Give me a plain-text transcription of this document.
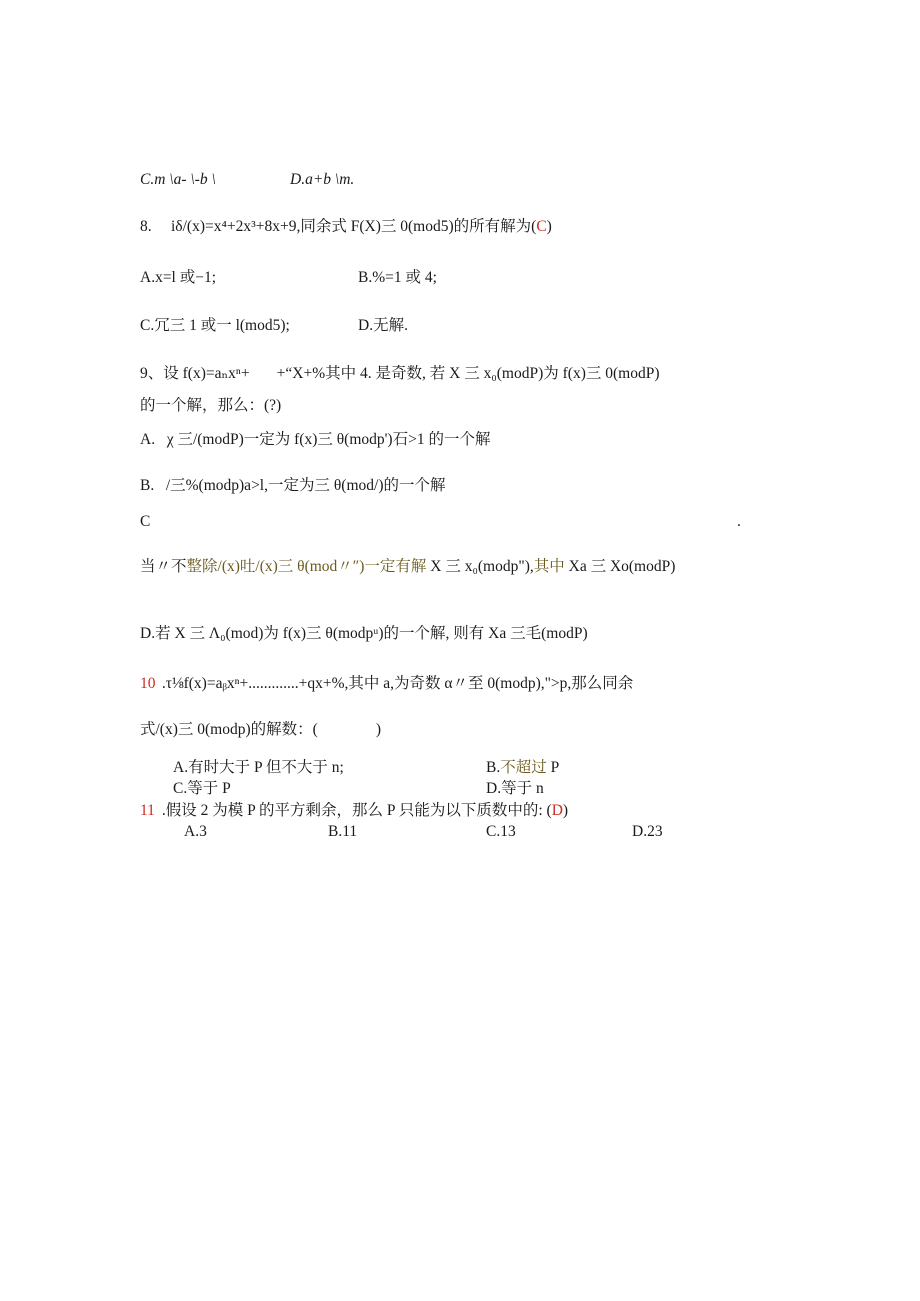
C.m \a- \-b \	D.a+b \m.
8. iδ/(x)=x⁴+2x³+8x+9,同余式 F(X)三 0(mod5)的所有解为(C)
A.x=l 或−1;	B.%=1 或 4;
C.冗三 1 或一 l(mod5);	D.无解.
9、设 f(x)=aₙxⁿ+       +“X+%其中 4. 是奇数, 若 X 三 x₀(modP)为 f(x)三 0(modP)
的一个解，那么：(?)
A.   χ 三/(modP)一定为 f(x)三 θ(modp')石>1 的一个解
B.   /三%(modp)a>l,一定为三 θ(mod/)的一个解
C	.
当〃不整除/(x)吐/(x)三 θ(mod〃″)一定有解 X 三 x₀(modp"),其中 Xa 三 Xo(modP)
D.若 X 三 Λ₀(mod)为 f(x)三 θ(modpᵘ)的一个解, 则有 Xa 三毛(modP)
10 .τ⅛f(x)=aᵦxⁿ+.............+qx+%,其中 a,为奇数 α〃至 0(modp),">p,那么同余
式/(x)三 0(modp)的解数：(               )
A.有时大于 P 但不大于 n;	B.不超过 P
C.等于 P	D.等于 n
11 .假设 2 为模 P 的平方剩余，那么 P 只能为以下质数中的: (D)
A.3	B.11	C.13	D.23
